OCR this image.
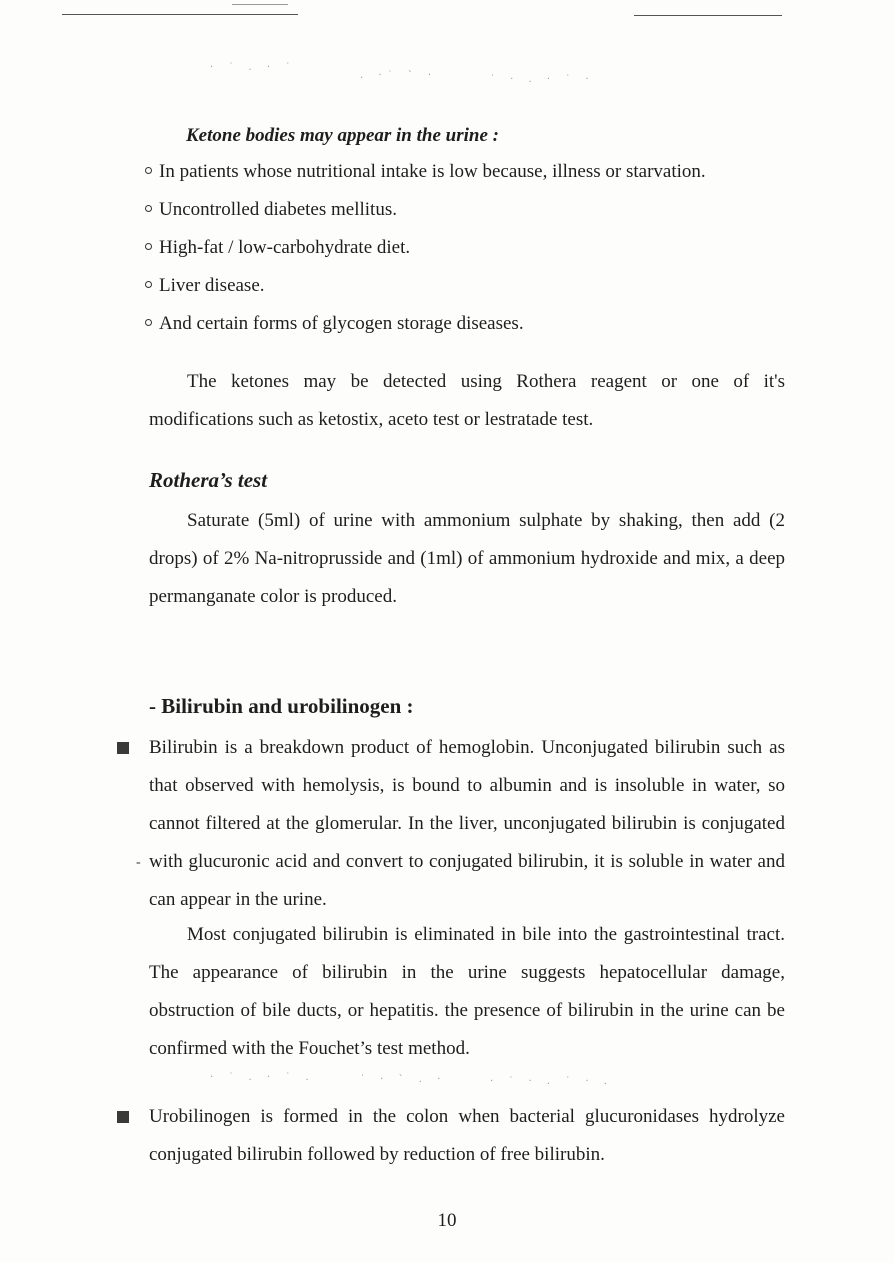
· ˙ . · ˙
. ·˙ ` ·	˙ · . · ˙ ·
· ˙ . · ˙ .	˙ · ` . ·	· ˙ · . ˙ · .
Ketone bodies may appear in the urine :
In patients whose nutritional intake is low because, illness or starvation.
Uncontrolled diabetes mellitus.
High-fat / low-carbohydrate diet.
Liver disease.
And certain forms of glycogen storage diseases.

The ketones may be detected using Rothera reagent or one of it's modifications such as ketostix, aceto test or lestratade test.

Rothera’s test

Saturate (5ml) of urine with ammonium sulphate by shaking, then add (2 drops) of 2% Na-nitroprusside and (1ml) of ammonium hydroxide and mix, a deep permanganate color is produced.

- Bilirubin and urobilinogen :

Bilirubin is a breakdown product of hemoglobin. Unconjugated bilirubin such as that observed with hemolysis, is bound to albumin and is insoluble in water, so cannot filtered at the glomerular. In the liver, unconjugated bilirubin is conjugated with glucuronic acid and convert to conjugated bilirubin, it is soluble in water and can appear in the urine.

-

Most conjugated bilirubin is eliminated in bile into the gastrointestinal tract. The appearance of bilirubin in the urine suggests hepatocellular damage, obstruction of bile ducts, or hepatitis. the presence of bilirubin in the urine can be confirmed with the Fouchet’s test method.

Urobilinogen is formed in the colon when bacterial glucuronidases hydrolyze conjugated bilirubin followed by reduction of free bilirubin.

10
